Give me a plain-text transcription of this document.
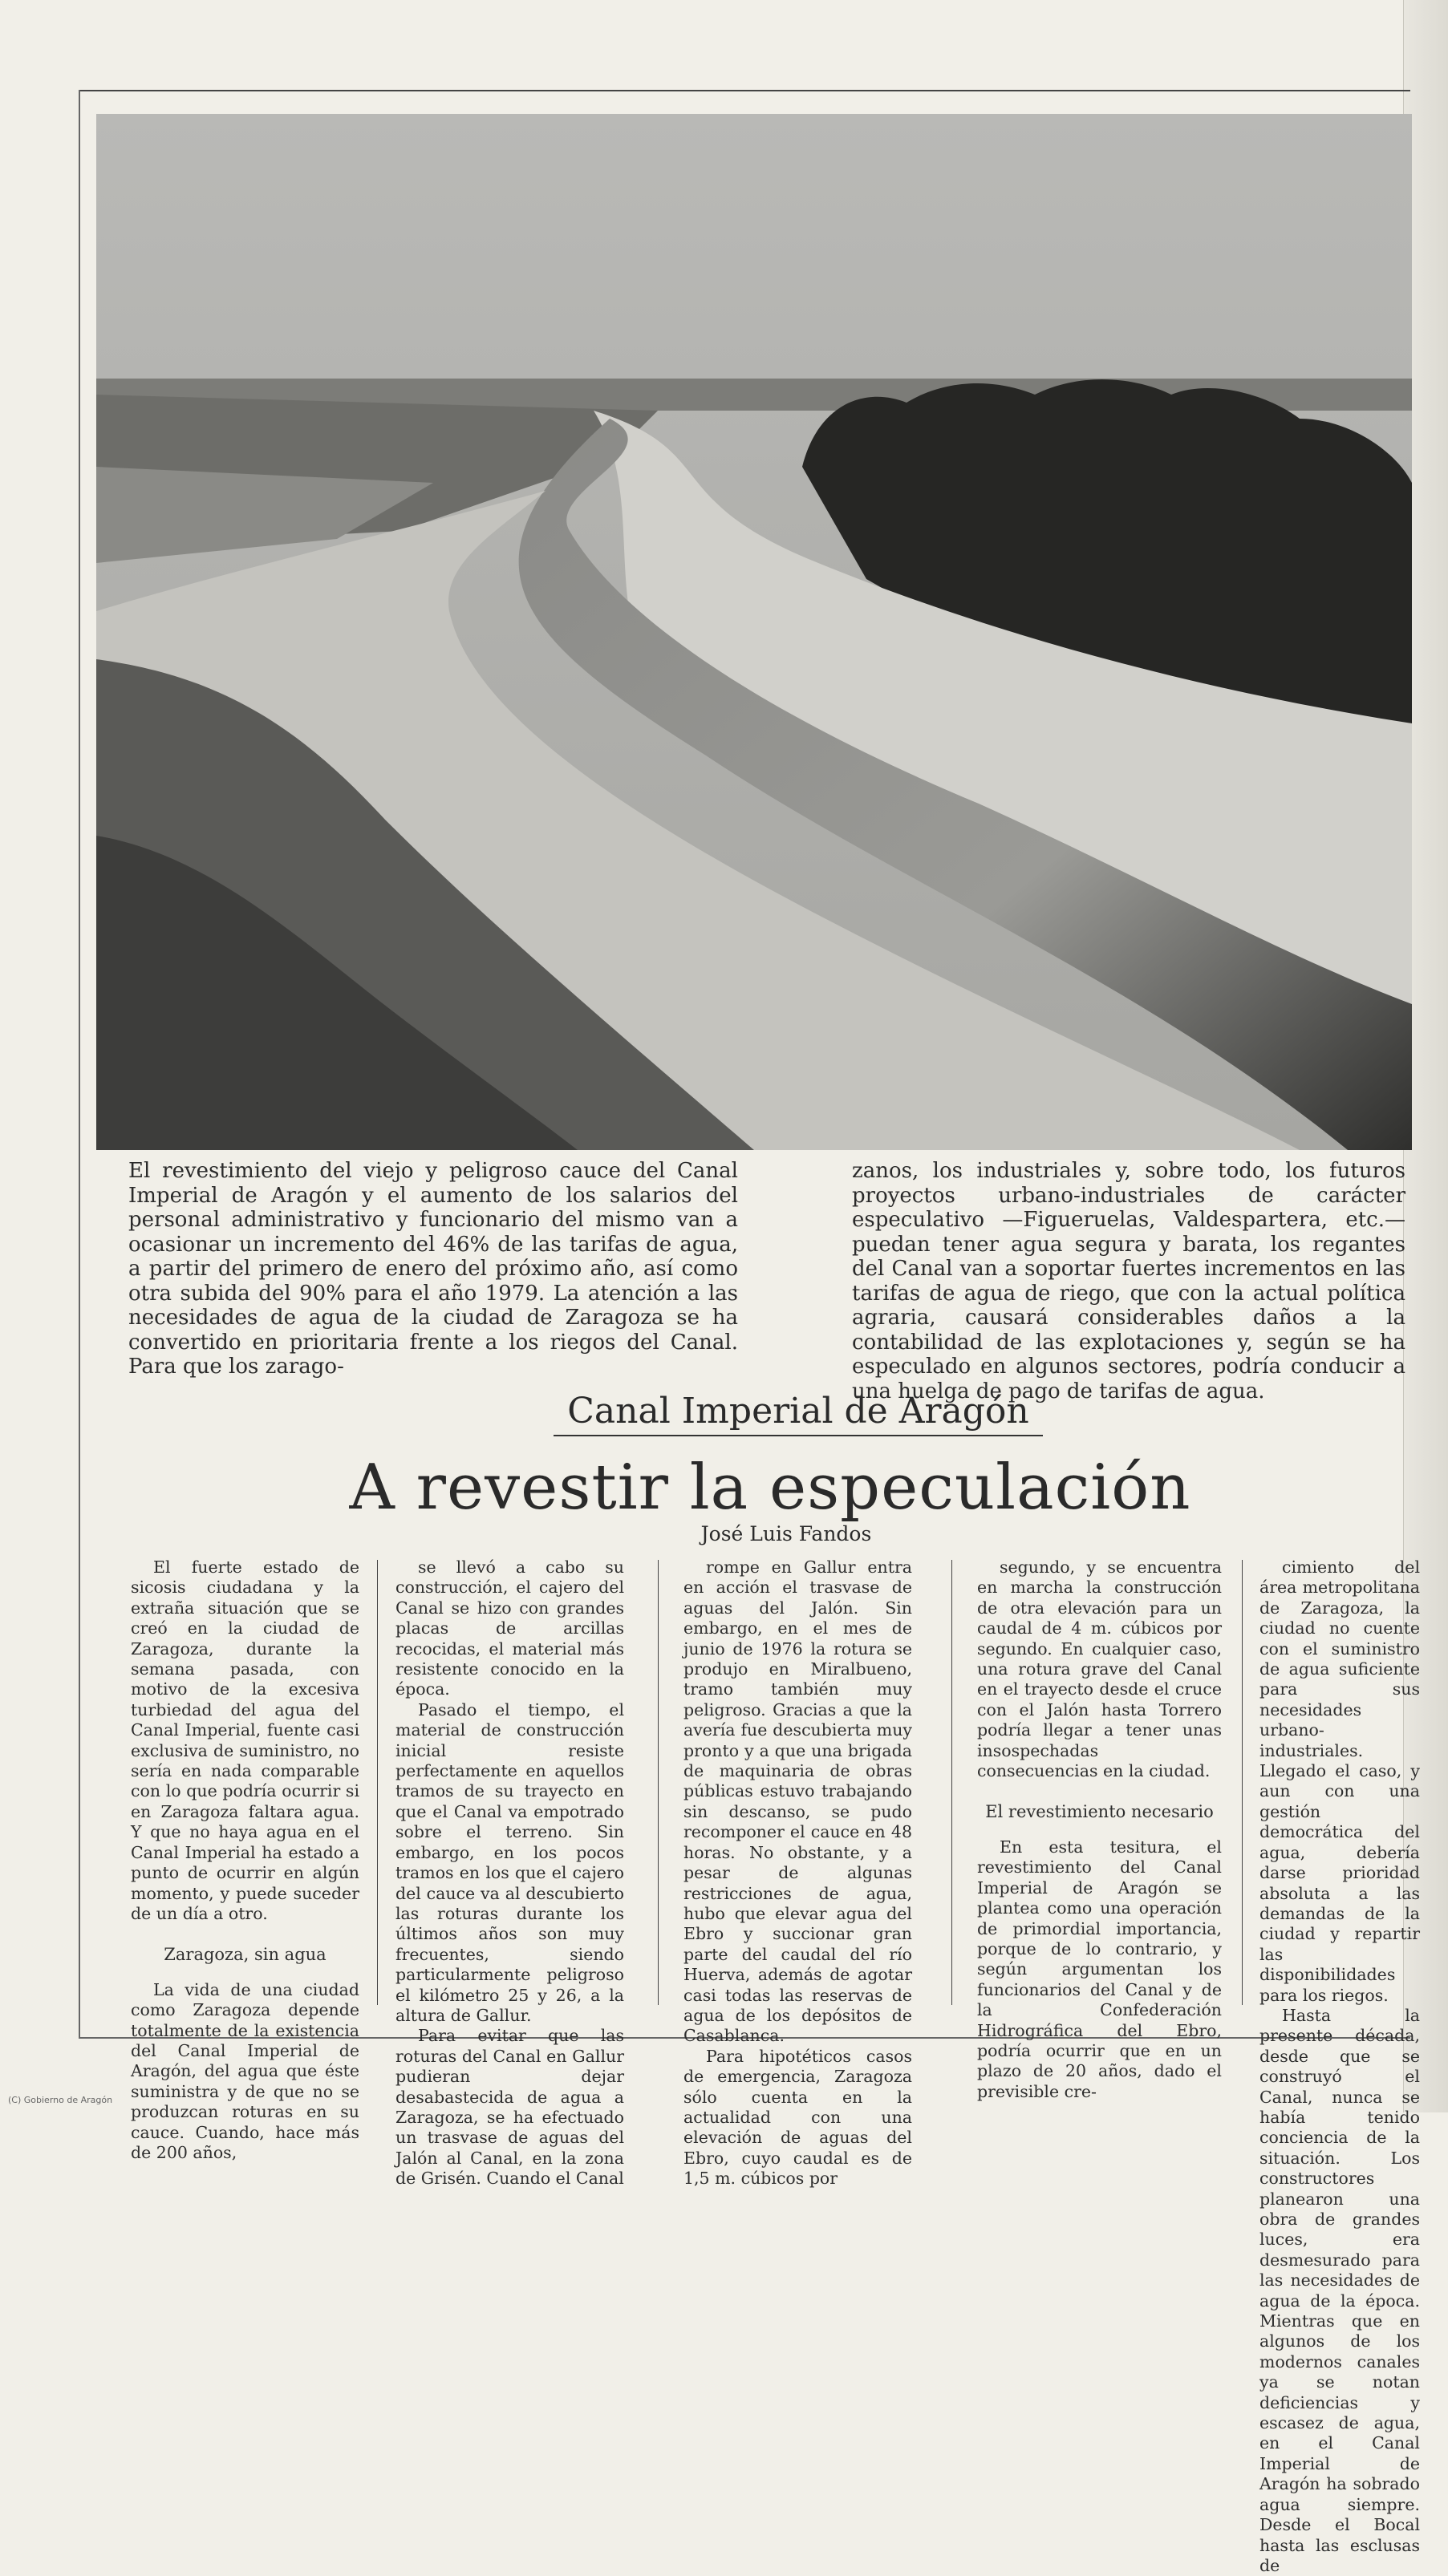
El revestimiento del viejo y peligroso cauce del Canal Imperial de Aragón y el aumento de los salarios del personal administrativo y funcionario del mismo van a ocasionar un incremento del 46% de las tarifas de agua, a partir del primero de enero del próximo año, así como otra subida del 90% para el año 1979. La atención a las necesidades de agua de la ciudad de Zaragoza se ha convertido en prioritaria frente a los riegos del Canal. Para que los zarago-

zanos, los industriales y, sobre todo, los futuros proyectos urbano-industriales de carácter especulativo —Figueruelas, Valdespartera, etc.— puedan tener agua segura y barata, los regantes del Canal van a soportar fuertes incrementos en las tarifas de agua de riego, que con la actual política agraria, causará considerables daños a la contabilidad de las explotaciones y, según se ha especulado en algunos sectores, podría conducir a una huelga de pago de tarifas de agua.

Canal Imperial de Aragón
A revestir la especulación

José Luis Fandos

El fuerte estado de sicosis ciudadana y la extraña situación que se creó en la ciudad de Zaragoza, durante la semana pasada, con motivo de la excesiva turbiedad del agua del Canal Imperial, fuente casi exclusiva de suministro, no sería en nada comparable con lo que podría ocurrir si en Zaragoza faltara agua. Y que no haya agua en el Canal Imperial ha estado a punto de ocurrir en algún momento, y puede suceder de un día a otro.

Zaragoza, sin agua

La vida de una ciudad como Zaragoza depende totalmente de la existencia del Canal Imperial de Aragón, del agua que éste suministra y de que no se produzcan roturas en su cauce. Cuando, hace más de 200 años,

se llevó a cabo su construcción, el cajero del Canal se hizo con grandes placas de arcillas recocidas, el material más resistente conocido en la época.

Pasado el tiempo, el material de construcción inicial resiste perfectamente en aquellos tramos de su trayecto en que el Canal va empotrado sobre el terreno. Sin embargo, en los pocos tramos en los que el cajero del cauce va al descubierto las roturas durante los últimos años son muy frecuentes, siendo particularmente peligroso el kilómetro 25 y 26, a la altura de Gallur.

Para evitar que las roturas del Canal en Gallur pudieran dejar desabastecida de agua a Zaragoza, se ha efectuado un trasvase de aguas del Jalón al Canal, en la zona de Grisén. Cuando el Canal

rompe en Gallur entra en acción el trasvase de aguas del Jalón. Sin embargo, en el mes de junio de 1976 la rotura se produjo en Miralbueno, tramo también muy peligroso. Gracias a que la avería fue descubierta muy pronto y a que una brigada de maquinaria de obras públicas estuvo trabajando sin descanso, se pudo recomponer el cauce en 48 horas. No obstante, y a pesar de algunas restricciones de agua, hubo que elevar agua del Ebro y succionar gran parte del caudal del río Huerva, además de agotar casi todas las reservas de agua de los depósitos de Casablanca.

Para hipotéticos casos de emergencia, Zaragoza sólo cuenta en la actualidad con una elevación de aguas del Ebro, cuyo caudal es de 1,5 m. cúbicos por

segundo, y se encuentra en marcha la construcción de otra elevación para un caudal de 4 m. cúbicos por segundo. En cualquier caso, una rotura grave del Canal en el trayecto desde el cruce con el Jalón hasta Torrero podría llegar a tener unas insospechadas consecuencias en la ciudad.

El revestimiento necesario

En esta tesitura, el revestimiento del Canal Imperial de Aragón se plantea como una operación de primordial importancia, porque de lo contrario, y según argumentan los funcionarios del Canal y de la Confederación Hidrográfica del Ebro, podría ocurrir que en un plazo de 20 años, dado el previsible cre-

cimiento del área metropolitana de Zaragoza, la ciudad no cuente con el suministro de agua suficiente para sus necesidades urbano-industriales. Llegado el caso, y aun con una gestión democrática del agua, debería darse prioridad absoluta a las demandas de la ciudad y repartir las disponibilidades para los riegos.

Hasta la presente década, desde que se construyó el Canal, nunca se había tenido conciencia de la situación. Los constructores planearon una obra de grandes luces, era desmesurado para las necesidades de agua de la época. Mientras que en algunos de los modernos canales ya se notan deficiencias y escasez de agua, en el Canal Imperial de Aragón ha sobrado agua siempre. Desde el Bocal hasta las esclusas de

(C) Gobierno de Aragón
